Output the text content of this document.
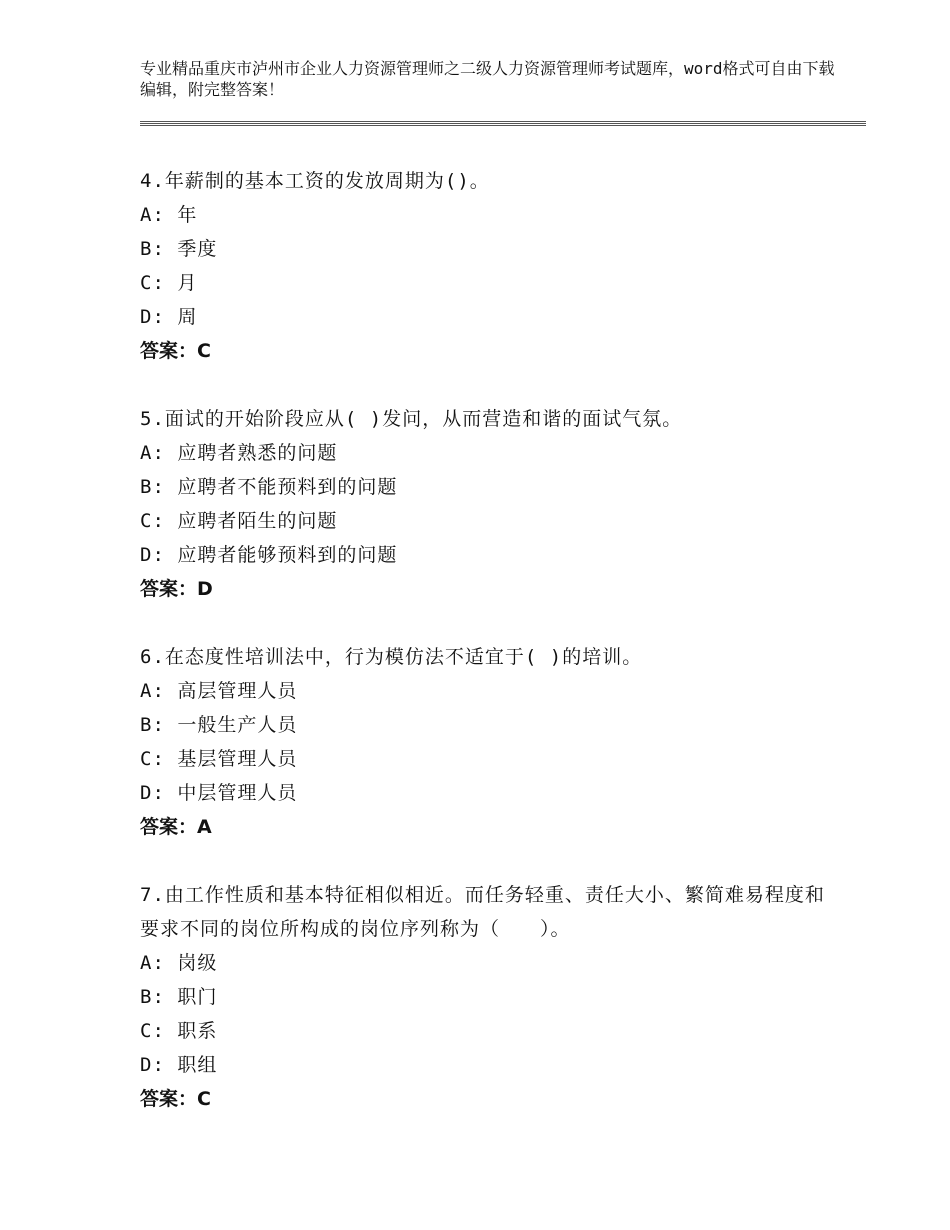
专业精品重庆市泸州市企业人力资源管理师之二级人力资源管理师考试题库，word格式可自由下载编辑，附完整答案！
4.年薪制的基本工资的发放周期为()。
A: 年
B: 季度
C: 月
D: 周
答案：C
5.面试的开始阶段应从( )发问，从而营造和谐的面试气氛。
A: 应聘者熟悉的问题
B: 应聘者不能预料到的问题
C: 应聘者陌生的问题
D: 应聘者能够预料到的问题
答案：D
6.在态度性培训法中，行为模仿法不适宜于( )的培训。
A: 高层管理人员
B: 一般生产人员
C: 基层管理人员
D: 中层管理人员
答案：A
7.由工作性质和基本特征相似相近。而任务轻重、责任大小、繁简难易程度和要求不同的岗位所构成的岗位序列称为（　　）。
A: 岗级
B: 职门
C: 职系
D: 职组
答案：C
